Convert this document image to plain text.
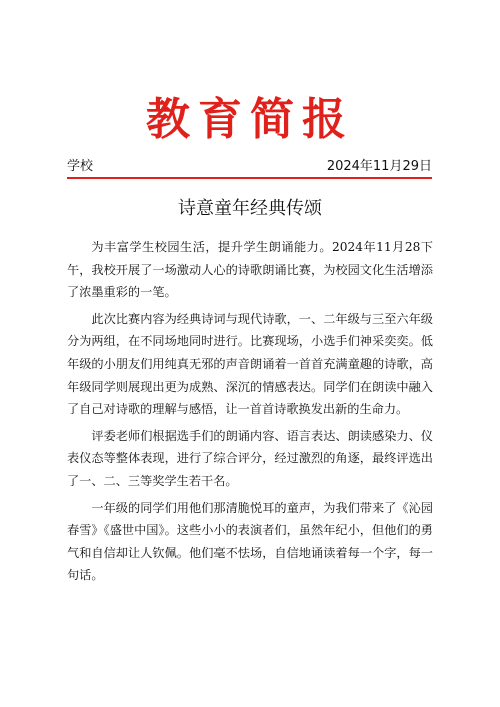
教育简报
学校	2024年11月29日
诗意童年经典传颂

为丰富学生校园生活，提升学生朗诵能力。2024年11月28下午，我校开展了一场激动人心的诗歌朗诵比赛，为校园文化生活增添了浓墨重彩的一笔。

此次比赛内容为经典诗词与现代诗歌，一、二年级与三至六年级分为两组，在不同场地同时进行。比赛现场，小选手们神采奕奕。低年级的小朋友们用纯真无邪的声音朗诵着一首首充满童趣的诗歌，高年级同学则展现出更为成熟、深沉的情感表达。同学们在朗读中融入了自己对诗歌的理解与感悟，让一首首诗歌换发出新的生命力。

评委老师们根据选手们的朗诵内容、语言表达、朗读感染力、仪表仪态等整体表现，进行了综合评分，经过激烈的角逐，最终评选出了一、二、三等奖学生若干名。

一年级的同学们用他们那清脆悦耳的童声，为我们带来了《沁园春雪》《盛世中国》。这些小小的表演者们，虽然年纪小，但他们的勇气和自信却让人钦佩。他们毫不怯场，自信地诵读着每一个字，每一句话。
